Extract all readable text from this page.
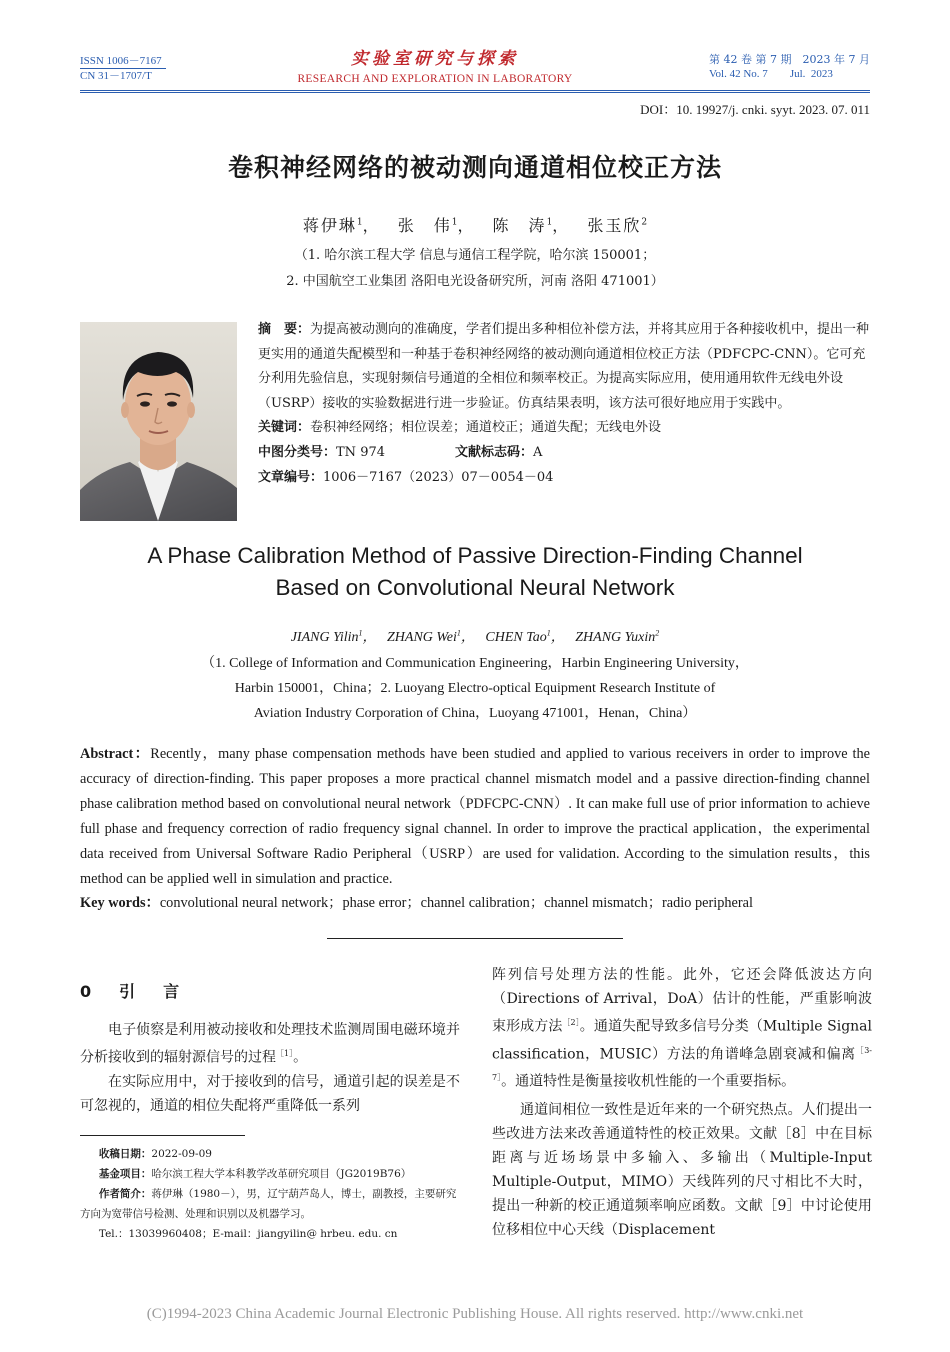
ISSN 1006－7167
CN 31－1707/T
实验室研究与探索
RESEARCH AND EXPLORATION IN LABORATORY
第 42 卷 第 7 期　 2023 年 7 月
Vol. 42 No. 7　　 Jul.  2023
DOI：10. 19927/j. cnki. syyt. 2023. 07. 011
卷积神经网络的被动测向通道相位校正方法
蒋伊琳$^1$，　 张　伟$^1$，　 陈　涛$^1$，　 张玉欣$^2$
（1. 哈尔滨工程大学 信息与通信工程学院，哈尔滨 150001；
2. 中国航空工业集团 洛阳电光设备研究所，河南 洛阳 471001）
摘　要：为提高被动测向的准确度，学者们提出多种相位补偿方法，并将其应用于各种接收机中，提出一种更实用的通道失配模型和一种基于卷积神经网络的被动测向通道相位校正方法（PDFCPC-CNN）。它可充分利用先验信息，实现射频信号通道的全相位和频率校正。为提高实际应用，使用通用软件无线电外设（USRP）接收的实验数据进行进一步验证。仿真结果表明，该方法可很好地应用于实践中。
关键词：卷积神经网络；相位误差；通道校正；通道失配；无线电外设
中图分类号：TN 974	文献标志码：A
文章编号：1006－7167（2023）07－0054－04
A Phase Calibration Method of Passive Direction-Finding Channel
Based on Convolutional Neural Network
JIANG Yilin$^1$，　 ZHANG Wei$^1$，　 CHEN Tao$^1$，　 ZHANG Yuxin$^2$
（1. College of Information and Communication Engineering，Harbin Engineering University，
Harbin 150001，China；2. Luoyang Electro-optical Equipment Research Institute of
Aviation Industry Corporation of China，Luoyang 471001，Henan，China）
Abstract：Recently，many phase compensation methods have been studied and applied to various receivers in order to improve the accuracy of direction-finding. This paper proposes a more practical channel mismatch model and a passive direction-finding channel phase calibration method based on convolutional neural network（PDFCPC-CNN）. It can make full use of prior information to achieve full phase and frequency correction of radio frequency signal channel. In order to improve the practical application，the experimental data received from Universal Software Radio Peripheral（USRP）are used for validation. According to the simulation results，this method can be applied well in simulation and practice.
Key words：convolutional neural network；phase error；channel calibration；channel mismatch；radio peripheral
0　 引　言
电子侦察是利用被动接收和处理技术监测周围电磁环境并分析接收到的辐射源信号的过程$^{[1]}$。
在实际应用中，对于接收到的信号，通道引起的误差是不可忽视的，通道的相位失配将严重降低一系列
收稿日期：2022-09-09
基金项目：哈尔滨工程大学本科教学改革研究项目（JG2019B76）
作者简介：蒋伊琳（1980－），男，辽宁葫芦岛人，博士，副教授，主要研究方向为宽带信号检测、处理和识别以及机器学习。
Tel.：13039960408；E-mail：jiangyilin@ hrbeu. edu. cn
阵列信号处理方法的性能。此外，它还会降低波达方向（Directions of Arrival，DoA）估计的性能，严重影响波束形成方法$^{[2]}$。通道失配导致多信号分类（Multiple Signal classification，MUSIC）方法的角谱峰急剧衰减和偏离$^{[3-7]}$。通道特性是衡量接收机性能的一个重要指标。
通道间相位一致性是近年来的一个研究热点。人们提出一些改进方法来改善通道特性的校正效果。文献［8］中在目标距离与近场场景中多输入、多输出（Multiple-Input Multiple-Output，MIMO）天线阵列的尺寸相比不大时，提出一种新的校正通道频率响应函数。文献［9］中讨论使用位移相位中心天线（Displacement
(C)1994-2023 China Academic Journal Electronic Publishing House. All rights reserved. http://www.cnki.net
